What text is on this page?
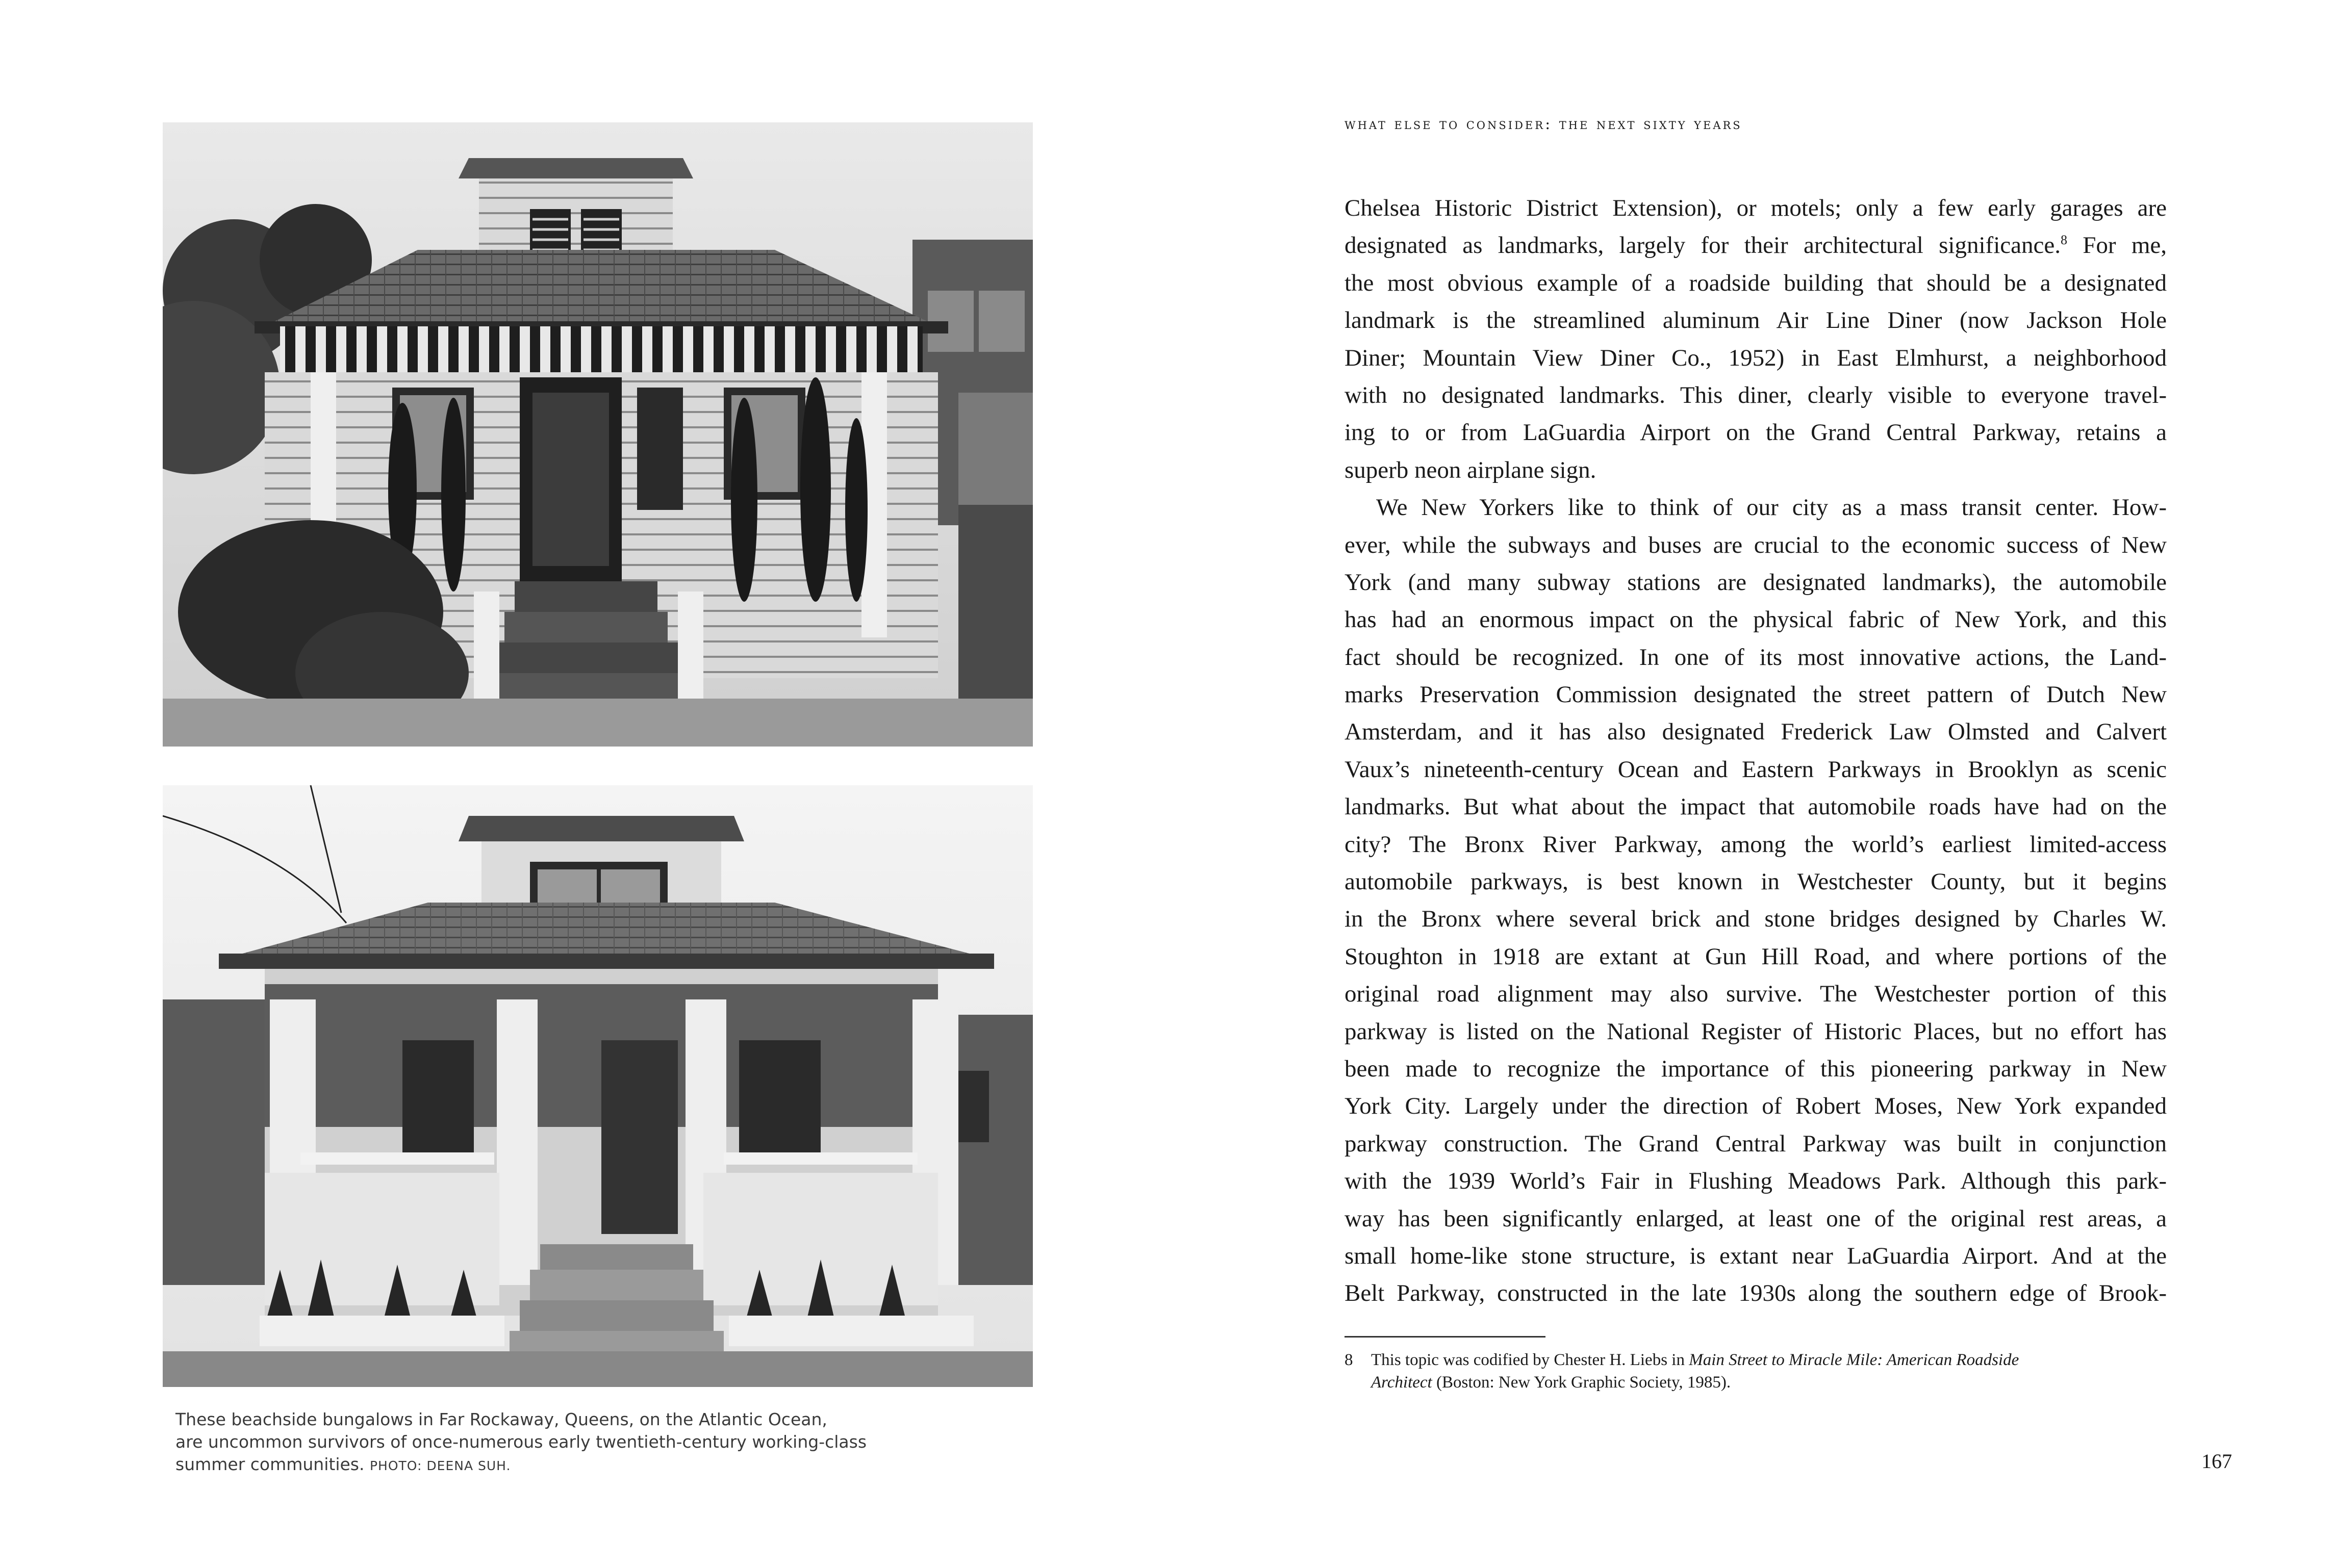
These beachside bungalows in Far Rockaway, Queens, on the Atlantic Ocean,
are uncommon survivors of once-numerous early twentieth-century working-class
summer communities. PHOTO: DEENA SUH.
what else to consider: the next sixty years
Chelsea Historic District Extension), or motels; only a few early garages are
designated as landmarks, largely for their architectural significance.$^8$ For me,
the most obvious example of a roadside building that should be a designated
landmark is the streamlined aluminum Air Line Diner (now Jackson Hole
Diner; Mountain View Diner Co., 1952) in East Elmhurst, a neighborhood
with no designated landmarks. This diner, clearly visible to everyone travel-
ing to or from LaGuardia Airport on the Grand Central Parkway, retains a
superb neon airplane sign.
We New Yorkers like to think of our city as a mass transit center. How-
ever, while the subways and buses are crucial to the economic success of New
York (and many subway stations are designated landmarks), the automobile
has had an enormous impact on the physical fabric of New York, and this
fact should be recognized. In one of its most innovative actions, the Land-
marks Preservation Commission designated the street pattern of Dutch New
Amsterdam, and it has also designated Frederick Law Olmsted and Calvert
Vaux’s nineteenth-century Ocean and Eastern Parkways in Brooklyn as scenic
landmarks. But what about the impact that automobile roads have had on the
city? The Bronx River Parkway, among the world’s earliest limited-access
automobile parkways, is best known in Westchester County, but it begins
in the Bronx where several brick and stone bridges designed by Charles W.
Stoughton in 1918 are extant at Gun Hill Road, and where portions of the
original road alignment may also survive. The Westchester portion of this
parkway is listed on the National Register of Historic Places, but no effort has
been made to recognize the importance of this pioneering parkway in New
York City. Largely under the direction of Robert Moses, New York expanded
parkway construction. The Grand Central Parkway was built in conjunction
with the 1939 World’s Fair in Flushing Meadows Park. Although this park-
way has been significantly enlarged, at least one of the original rest areas, a
small home-like stone structure, is extant near LaGuardia Airport. And at the
Belt Parkway, constructed in the late 1930s along the southern edge of Brook-
8 This topic was codified by Chester H. Liebs in Main Street to Miracle Mile: American Roadside
Architect (Boston: New York Graphic Society, 1985).
167
